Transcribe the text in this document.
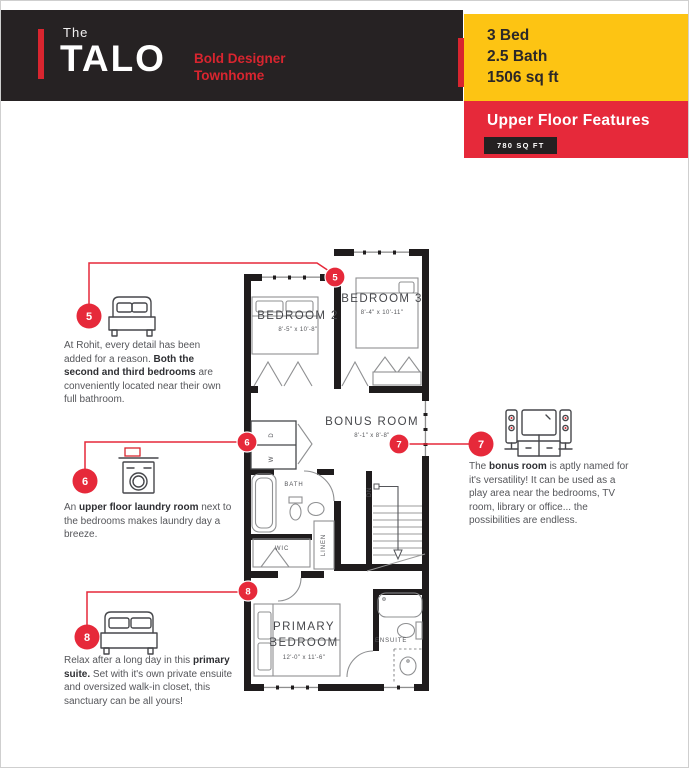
The
TALO Bold Designer
Townhome
3 Bed
2.5 Bath
1506 sq ft
Upper Floor Features
780 SQ FT
At Rohit, every detail has been added for a reason. Both the second and third bedrooms are conveniently located near their own full bathroom.
An upper floor laundry room next to the bedrooms makes laundry day a breeze.
The bonus room is aptly named for it's versatility! It can be used as a play area near the bedrooms, TV room, library or office... the possibilities are endless.
Relax after a long day in this primary suite. Set with it's own private ensuite and oversized walk-in closet, this sanctuary can be all yours!
D
W
BEDROOM 2
8'-5" x 10'-8"
BEDROOM 3
8'-4" x 10'-11"
BONUS ROOM
8'-1" x 8'-8"
PRIMARY
BEDROOM
12'-0" x 11'-6"
BATH
WIC	LINEN
ENSUITE
DN
5
6	7
8
5
6
7
8
